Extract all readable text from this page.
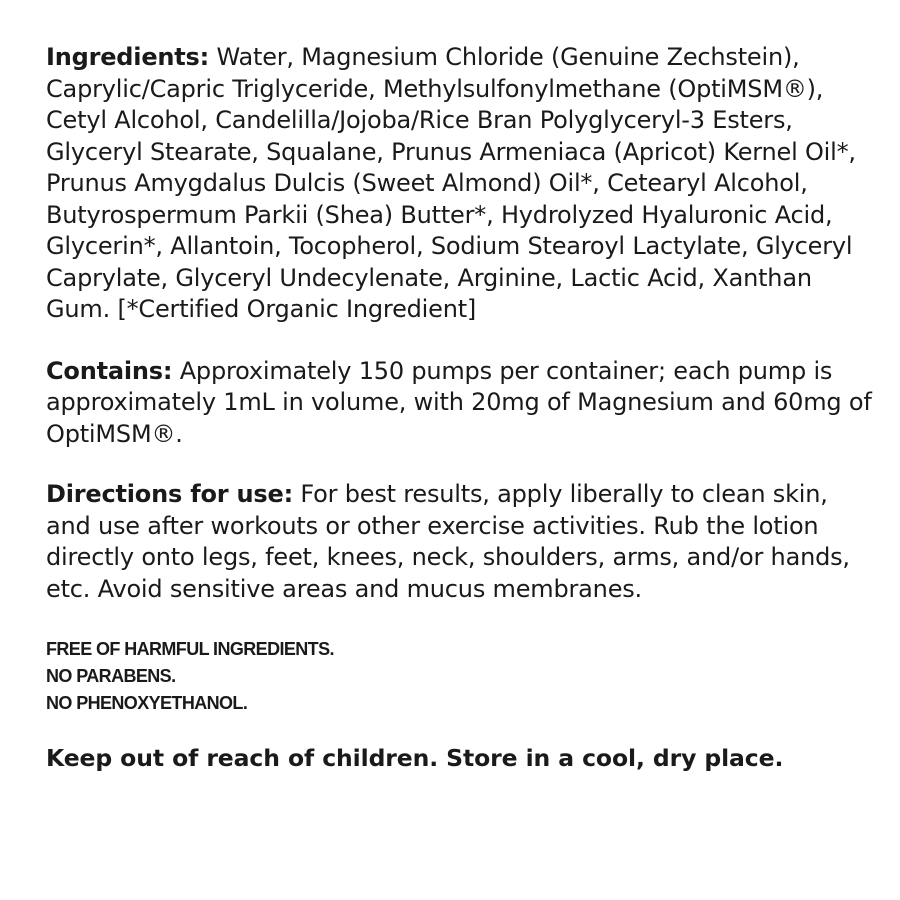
Ingredients: Water, Magnesium Chloride (Genuine Zechstein), Caprylic/Capric Triglyceride, Methylsulfonylmethane (OptiMSM®), Cetyl Alcohol, Candelilla/Jojoba/Rice Bran Polyglyceryl-3 Esters, Glyceryl Stearate, Squalane, Prunus Armeniaca (Apricot) Kernel Oil*, Prunus Amygdalus Dulcis (Sweet Almond) Oil*, Cetearyl Alcohol, Butyrospermum Parkii (Shea) Butter*, Hydrolyzed Hyaluronic Acid, Glycerin*, Allantoin, Tocopherol, Sodium Stearoyl Lactylate, Glyceryl Caprylate, Glyceryl Undecylenate, Arginine, Lactic Acid, Xanthan Gum. [*Certified Organic Ingredient]

Contains: Approximately 150 pumps per container; each pump is approximately 1mL in volume, with 20mg of Magnesium and 60mg of OptiMSM®.

Directions for use: For best results, apply liberally to clean skin, and use after workouts or other exercise activities. Rub the lotion directly onto legs, feet, knees, neck, shoulders, arms, and/or hands, etc. Avoid sensitive areas and mucus membranes.

FREE OF HARMFUL INGREDIENTS.
NO PARABENS.
NO PHENOXYETHANOL.
Keep out of reach of children. Store in a cool, dry place.
